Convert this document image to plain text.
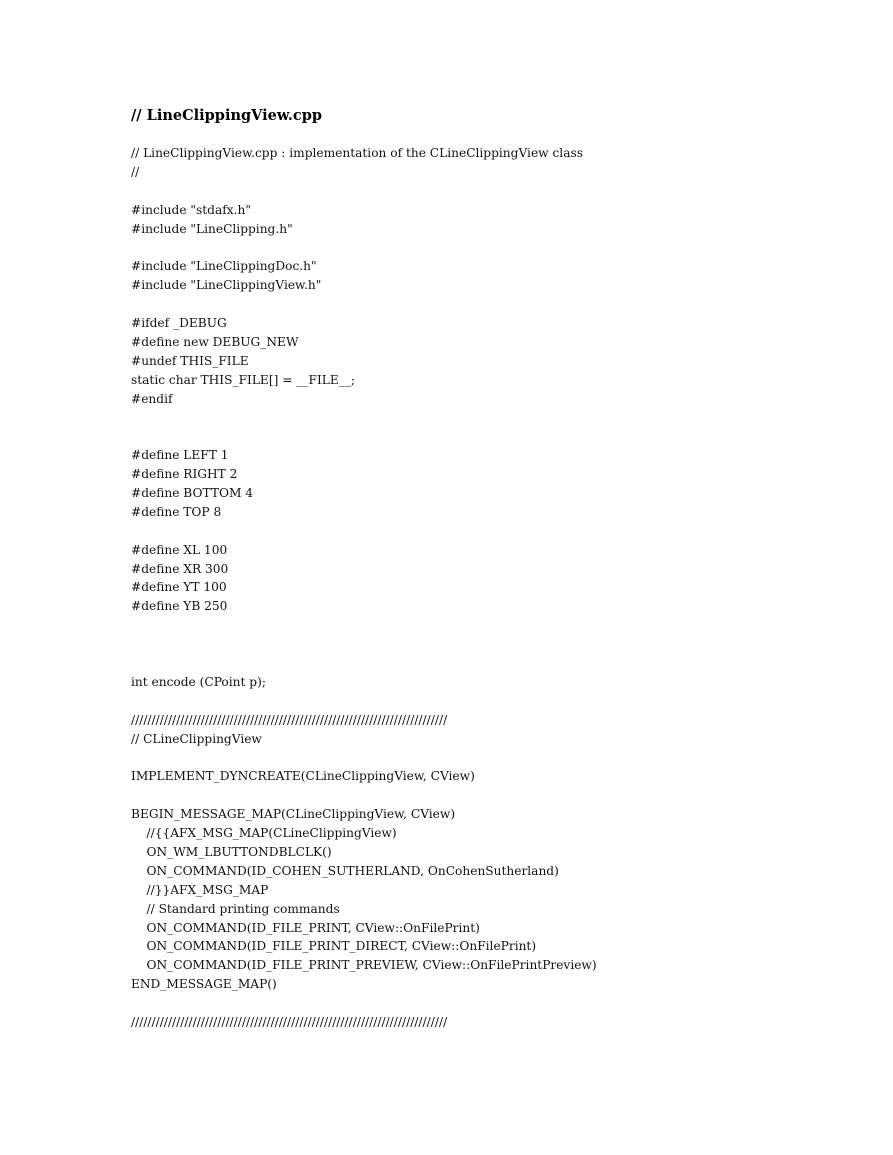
// LineClippingView.cpp
// LineClippingView.cpp : implementation of the CLineClippingView class
//
#include "stdafx.h"
#include "LineClipping.h"
#include "LineClippingDoc.h"
#include "LineClippingView.h"
#ifdef _DEBUG
#define new DEBUG_NEW
#undef THIS_FILE
static char THIS_FILE[] = __FILE__;
#endif
#define LEFT 1
#define RIGHT 2
#define BOTTOM 4
#define TOP 8
#define XL 100
#define XR 300
#define YT 100
#define YB 250
int encode (CPoint p);
/////////////////////////////////////////////////////////////////////////////
// CLineClippingView
IMPLEMENT_DYNCREATE(CLineClippingView, CView)
BEGIN_MESSAGE_MAP(CLineClippingView, CView)
//{{AFX_MSG_MAP(CLineClippingView)
ON_WM_LBUTTONDBLCLK()
ON_COMMAND(ID_COHEN_SUTHERLAND, OnCohenSutherland)
//}}AFX_MSG_MAP
// Standard printing commands
ON_COMMAND(ID_FILE_PRINT, CView::OnFilePrint)
ON_COMMAND(ID_FILE_PRINT_DIRECT, CView::OnFilePrint)
ON_COMMAND(ID_FILE_PRINT_PREVIEW, CView::OnFilePrintPreview)
END_MESSAGE_MAP()
/////////////////////////////////////////////////////////////////////////////
